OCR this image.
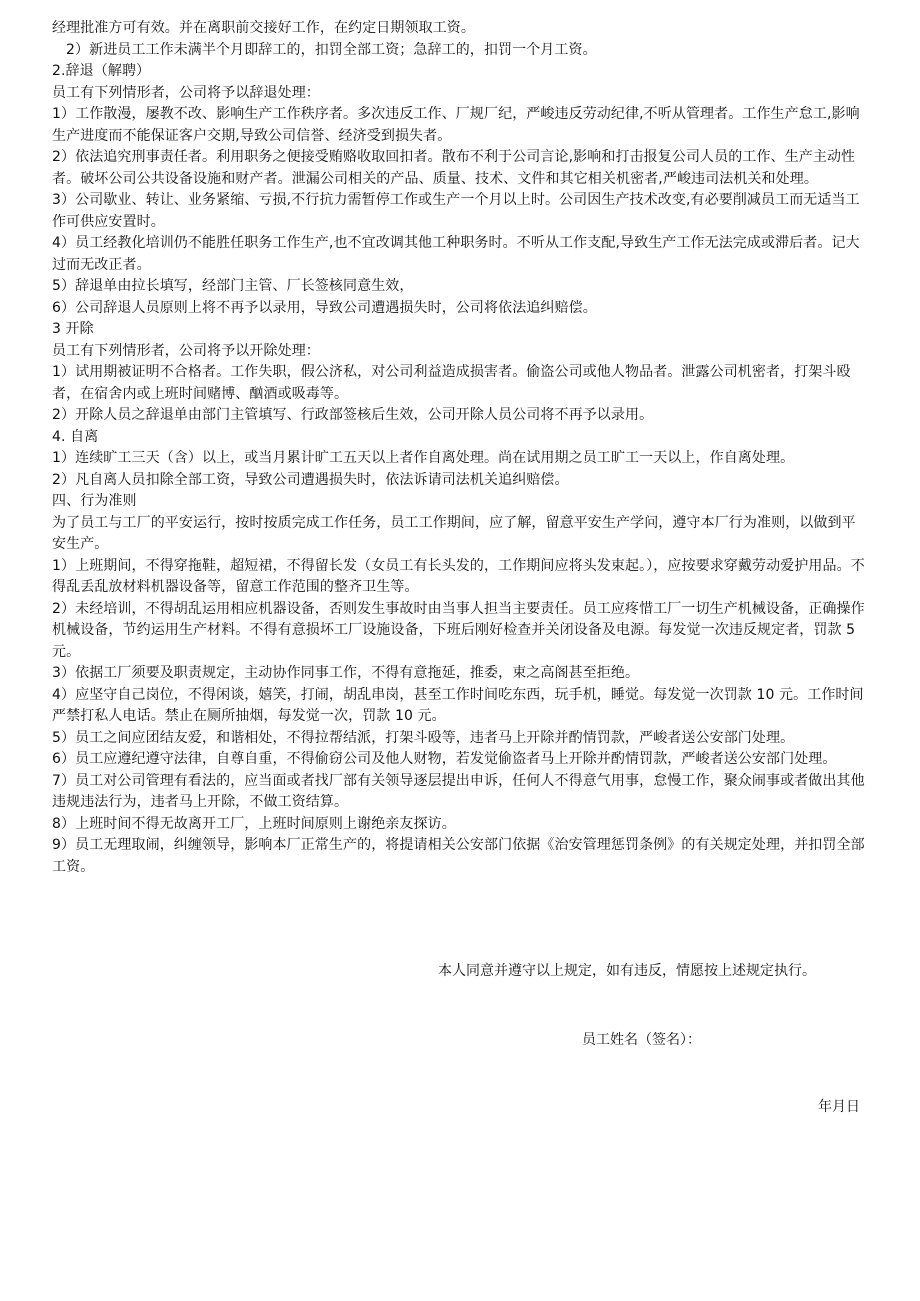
经理批准方可有效。并在离职前交接好工作，在约定日期领取工资。

2）新进员工工作未满半个月即辞工的，扣罚全部工资；急辞工的，扣罚一个月工资。

2.辞退（解聘）

员工有下列情形者，公司将予以辞退处理：

1）工作散漫，屡教不改、影响生产工作秩序者。多次违反工作、厂规厂纪，严峻违反劳动纪律,不听从管理者。工作生产怠工,影响生产进度而不能保证客户交期,导致公司信誉、经济受到损失者。

2）依法追究刑事责任者。利用职务之便接受贿赂收取回扣者。散布不利于公司言论,影响和打击报复公司人员的工作、生产主动性者。破坏公司公共设备设施和财产者。泄漏公司相关的产品、质量、技术、文件和其它相关机密者,严峻违司法机关和处理。

3）公司歇业、转让、业务紧缩、亏损,不行抗力需暂停工作或生产一个月以上时。公司因生产技术改变,有必要削减员工而无适当工作可供应安置时。

4）员工经教化培训仍不能胜任职务工作生产,也不宜改调其他工种职务时。不听从工作支配,导致生产工作无法完成或滞后者。记大过而无改正者。

5）辞退单由拉长填写，经部门主管、厂长签核同意生效，

6）公司辞退人员原则上将不再予以录用，导致公司遭遇损失时，公司将依法追纠赔偿。

3 开除

员工有下列情形者，公司将予以开除处理：

1）试用期被证明不合格者。工作失职，假公济私，对公司利益造成损害者。偷盗公司或他人物品者。泄露公司机密者，打架斗殴者，在宿舍内或上班时间赌博、酗酒或吸毒等。

2）开除人员之辞退单由部门主管填写、行政部签核后生效，公司开除人员公司将不再予以录用。

4. 自离

1）连续旷工三天（含）以上，或当月累计旷工五天以上者作自离处理。尚在试用期之员工旷工一天以上，作自离处理。

2）凡自离人员扣除全部工资，导致公司遭遇损失时，依法诉请司法机关追纠赔偿。

四、行为准则

为了员工与工厂的平安运行，按时按质完成工作任务，员工工作期间，应了解，留意平安生产学问，遵守本厂行为准则，以做到平安生产。

1）上班期间，不得穿拖鞋，超短裙，不得留长发（女员工有长头发的，工作期间应将头发束起。），应按要求穿戴劳动爱护用品。不得乱丢乱放材料机器设备等，留意工作范围的整齐卫生等。

2）未经培训，不得胡乱运用相应机器设备，否则发生事故时由当事人担当主要责任。员工应疼惜工厂一切生产机械设备，正确操作机械设备，节约运用生产材料。不得有意损坏工厂设施设备，下班后刚好检查并关闭设备及电源。每发觉一次违反规定者，罚款 5 元。

3）依据工厂须要及职责规定，主动协作同事工作，不得有意拖延，推委，束之高阁甚至拒绝。

4）应坚守自己岗位，不得闲谈，嬉笑，打闹，胡乱串岗，甚至工作时间吃东西，玩手机，睡觉。每发觉一次罚款 10 元。工作时间严禁打私人电话。禁止在厕所抽烟，每发觉一次，罚款 10 元。

5）员工之间应团结友爱，和谐相处，不得拉帮结派，打架斗殴等，违者马上开除并酌情罚款，严峻者送公安部门处理。

6）员工应遵纪遵守法律，自尊自重，不得偷窃公司及他人财物，若发觉偷盗者马上开除并酌情罚款，严峻者送公安部门处理。

7）员工对公司管理有看法的，应当面或者找厂部有关领导逐层提出申诉，任何人不得意气用事，怠慢工作，聚众闹事或者做出其他违规违法行为，违者马上开除，不做工资结算。

8）上班时间不得无故离开工厂，上班时间原则上谢绝亲友探访。

9）员工无理取闹，纠缠领导，影响本厂正常生产的，将提请相关公安部门依据《治安管理惩罚条例》的有关规定处理，并扣罚全部工资。

本人同意并遵守以上规定，如有违反，情愿按上述规定执行。
员工姓名（签名）：
年月日
